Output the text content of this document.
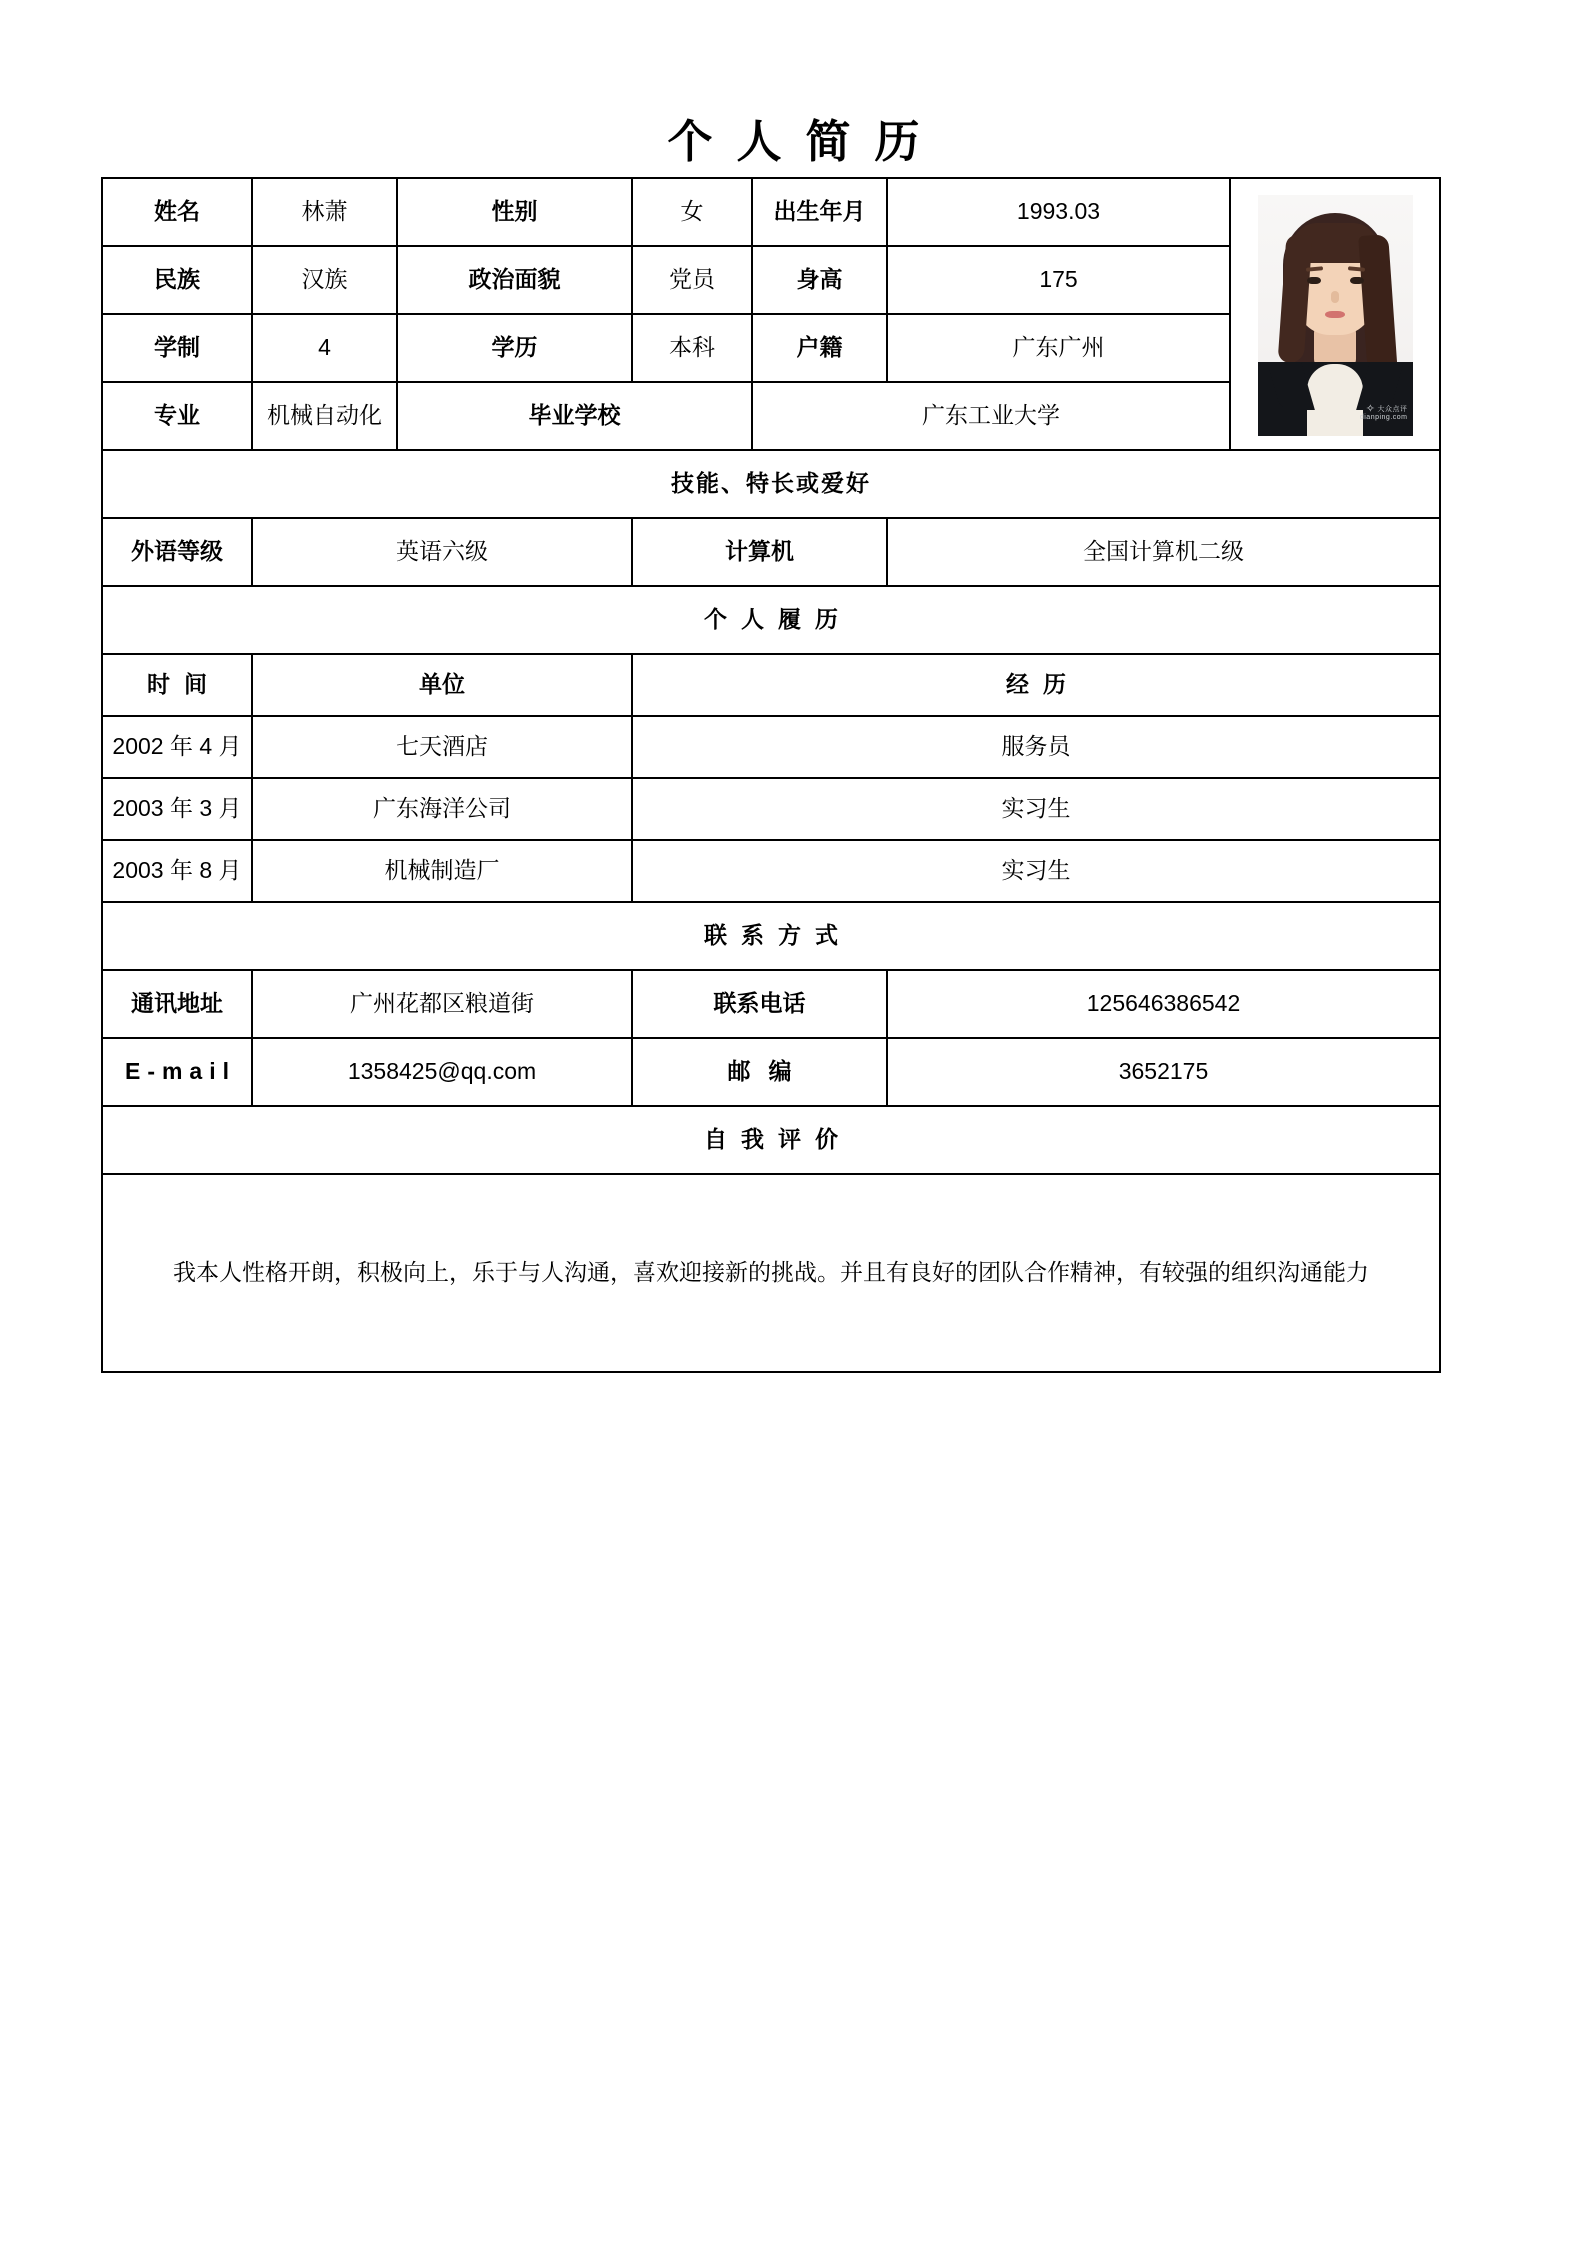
个人简历
姓名	林萧	性别	女	出生年月	1993.03	✧ 大众点评
dianping.com

民族	汉族	政治面貌	党员	身高	175	
学制	4	学历	本科	户籍	广东广州	
专业	机械自动化	毕业学校		广东工业大学		
技能、特长或爱好						
外语等级	英语六级		计算机		全国计算机二级	
个人履历						
时间	单位		经历			
2002 年 4 月	七天酒店		服务员			
2003 年 3 月	广东海洋公司		实习生			
2003 年 8 月	机械制造厂		实习生			
联系方式						
通讯地址	广州花都区粮道街		联系电话		125646386542	
E-mail	1358425@qq.com		邮编		3652175	
自我评价						
我本人性格开朗，积极向上，乐于与人沟通，喜欢迎接新的挑战。并且有良好的团队合作精神，有较强的组织沟通能力						
